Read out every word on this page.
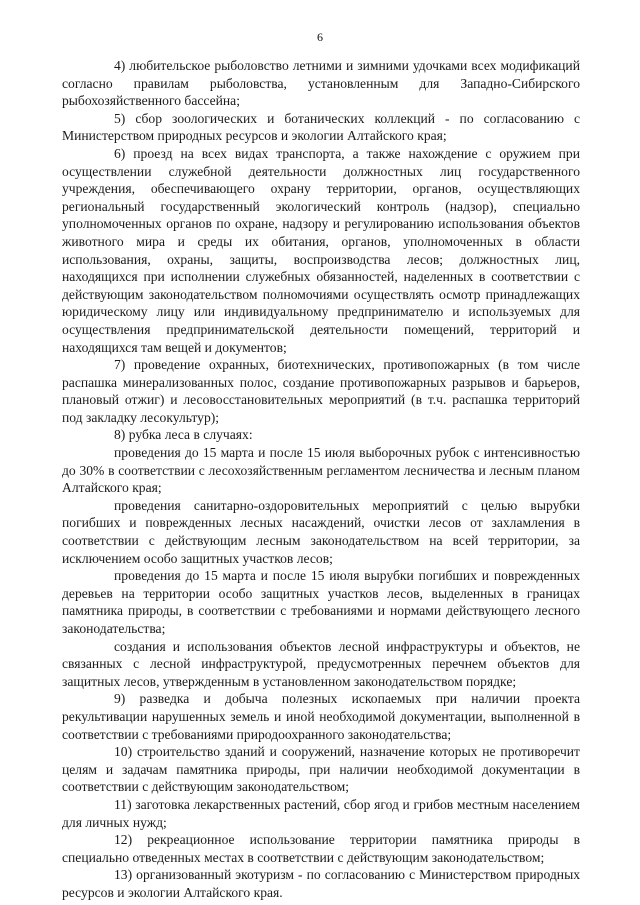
6

4) любительское рыболовство летними и зимними удочками всех модификаций согласно правилам рыболовства, установленным для Западно-Сибирского рыбохозяйственного бассейна;

5) сбор зоологических и ботанических коллекций - по согласованию с Министерством природных ресурсов и экологии Алтайского края;

6) проезд на всех видах транспорта, а также нахождение с оружием при осуществлении служебной деятельности должностных лиц государственного учреждения, обеспечивающего охрану территории, органов, осуществляющих региональный государственный экологический контроль (надзор), специально уполномоченных органов по охране, надзору и регулированию использования объектов животного мира и среды их обитания, органов, уполномоченных в области использования, охраны, защиты, воспроизводства лесов; должностных лиц, находящихся при исполнении служебных обязанностей, наделенных в соответствии с действующим законодательством полномочиями осуществлять осмотр принадлежащих юридическому лицу или индивидуальному предпринимателю и используемых для осуществления предпринимательской деятельности помещений, территорий и находящихся там вещей и документов;

7) проведение охранных, биотехнических, противопожарных (в том числе распашка минерализованных полос, создание противопожарных разрывов и барьеров, плановый отжиг) и лесовосстановительных мероприятий (в т.ч. распашка территорий под закладку лесокультур);

8) рубка леса в случаях:

проведения до 15 марта и после 15 июля выборочных рубок с интенсивностью до 30% в соответствии с лесохозяйственным регламентом лесничества и лесным планом Алтайского края;

проведения санитарно-оздоровительных мероприятий с целью вырубки погибших и поврежденных лесных насаждений, очистки лесов от захламления в соответствии с действующим лесным законодательством на всей территории, за исключением особо защитных участков лесов;

проведения до 15 марта и после 15 июля вырубки погибших и поврежденных деревьев на территории особо защитных участков лесов, выделенных в границах памятника природы, в соответствии с требованиями и нормами действующего лесного законодательства;

создания и использования объектов лесной инфраструктуры и объектов, не связанных с лесной инфраструктурой, предусмотренных перечнем объектов для защитных лесов, утвержденным в установленном законодательством порядке;

9) разведка и добыча полезных ископаемых при наличии проекта рекультивации нарушенных земель и иной необходимой документации, выполненной в соответствии с требованиями природоохранного законодательства;

10) строительство зданий и сооружений, назначение которых не противоречит целям и задачам памятника природы, при наличии необходимой документации в соответствии с действующим законодательством;

11) заготовка лекарственных растений, сбор ягод и грибов местным населением для личных нужд;

12) рекреационное использование территории памятника природы в специально отведенных местах в соответствии с действующим законодательством;

13) организованный экотуризм - по согласованию с Министерством природных ресурсов и экологии Алтайского края.
